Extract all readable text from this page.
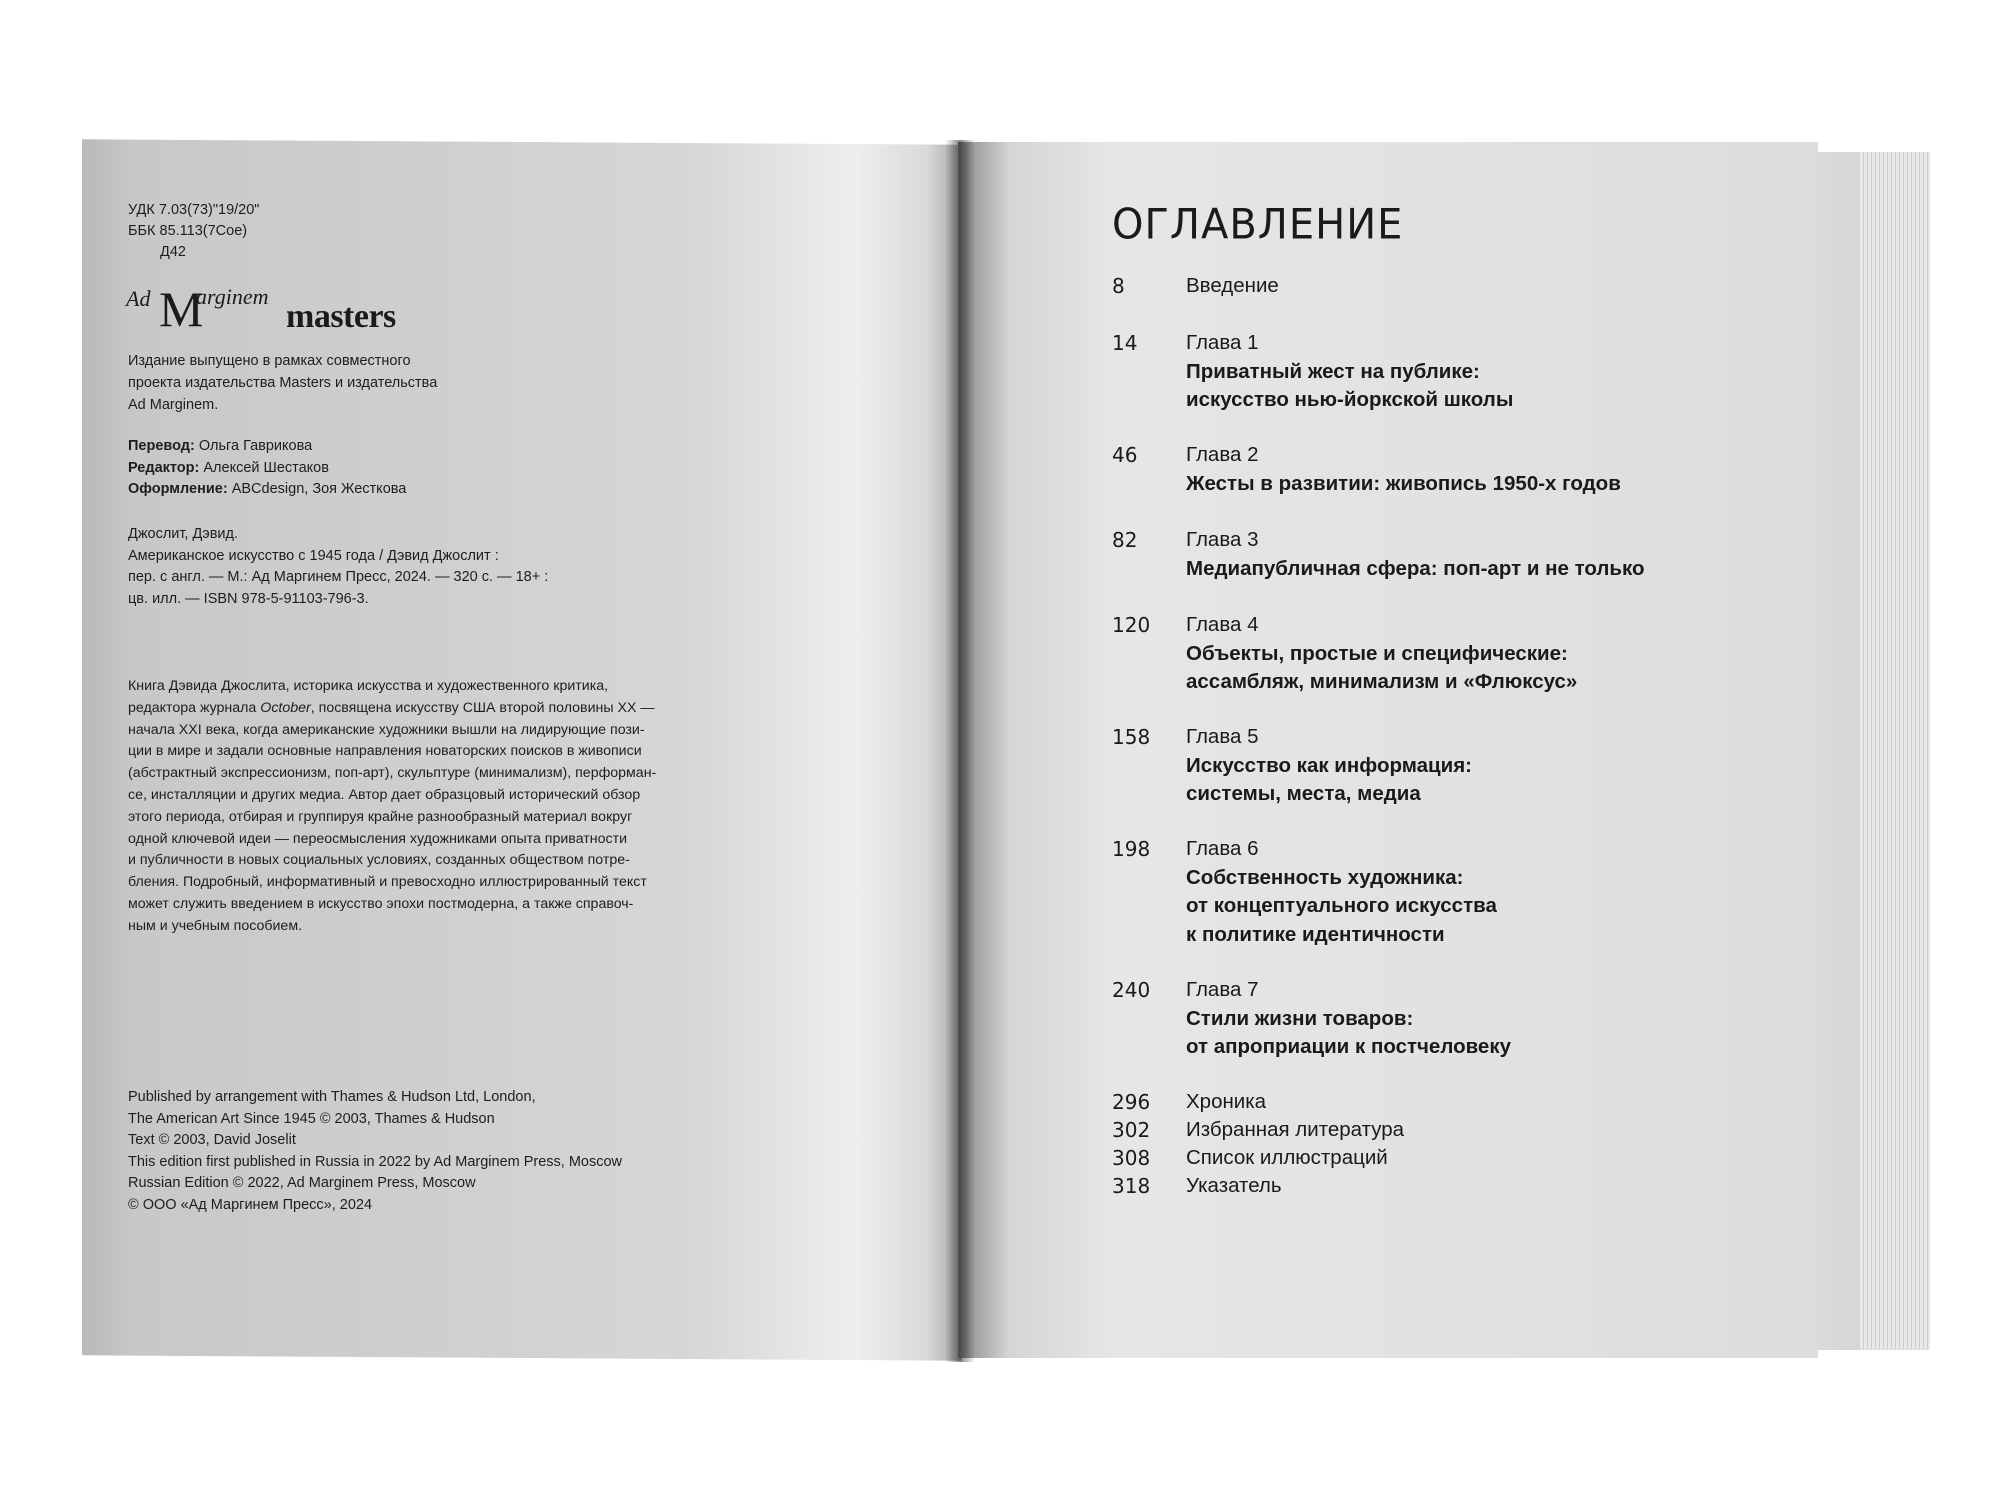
УДК 7.03(73)"19/20"
ББК 85.113(7Сое)
Д42
Ad M
arginem
masters
Издание выпущено в рамках совместного
проекта издательства Masters и издательства
Ad Marginem.
Перевод: Ольга Гаврикова
Редактор: Алексей Шестаков
Оформление: ABCdesign, Зоя Жесткова
Джослит, Дэвид.
Американское искусство с 1945 года / Дэвид Джослит :
пер. с англ. — М.: Ад Маргинем Пресс, 2024. — 320 с. — 18+ :
цв. илл. — ISBN 978-5-91103-796-3.
Книга Дэвида Джослита, историка искусства и художественного критика,
редактора журнала October, посвящена искусству США второй половины XX —
начала XXI века, когда американские художники вышли на лидирующие пози-
ции в мире и задали основные направления новаторских поисков в живописи
(абстрактный экспрессионизм, поп-арт), скульптуре (минимализм), перформан-
се, инсталляции и других медиа. Автор дает образцовый исторический обзор
этого периода, отбирая и группируя крайне разнообразный материал вокруг
одной ключевой идеи — переосмысления художниками опыта приватности
и публичности в новых социальных условиях, созданных обществом потре-
бления. Подробный, информативный и превосходно иллюстрированный текст
может служить введением в искусство эпохи постмодерна, а также справоч-
ным и учебным пособием.
Published by arrangement with Thames & Hudson Ltd, London,
The American Art Since 1945 © 2003, Thames & Hudson
Text © 2003, David Joselit
This edition first published in Russia in 2022 by Ad Marginem Press, Moscow
Russian Edition © 2022, Ad Marginem Press, Moscow
© ООО «Ад Маргинем Пресс», 2024
ОГЛАВЛЕНИЕ
8	Введение
14	Глава 1
Приватный жест на публике:
искусство нью-йоркской школы
46	Глава 2
Жесты в развитии: живопись 1950-х годов
82	Глава 3
Медиапубличная сфера: поп-арт и не только
120	Глава 4
Объекты, простые и специфические:
ассамбляж, минимализм и «Флюксус»
158	Глава 5
Искусство как информация:
системы, места, медиа
198	Глава 6
Собственность художника:
от концептуального искусства
к политике идентичности
240	Глава 7
Стили жизни товаров:
от апроприации к постчеловеку
296	Хроника
302	Избранная литература
308	Список иллюстраций
318	Указатель
